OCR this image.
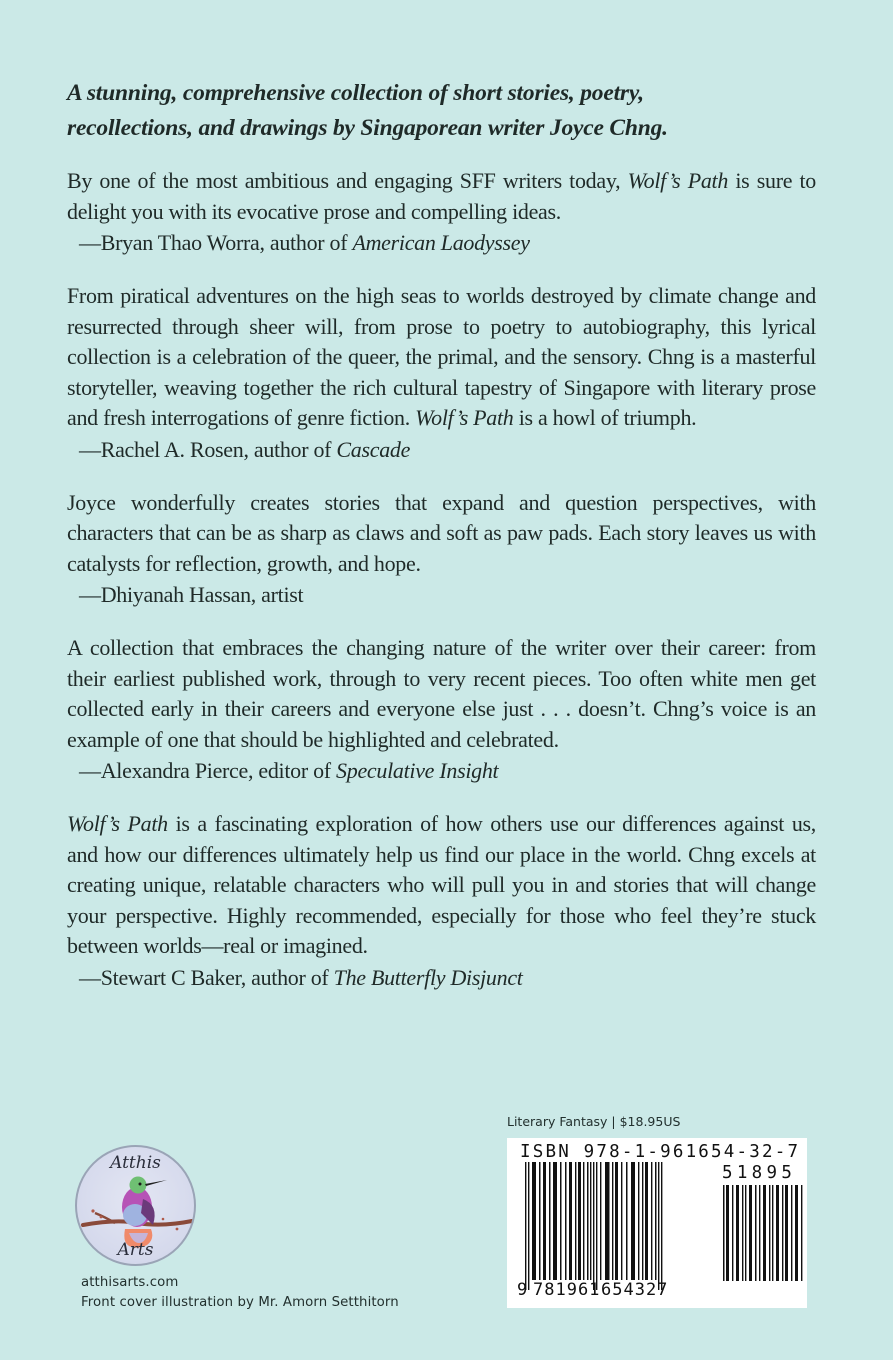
A stunning, comprehensive collection of short stories, poetry,
recollections, and drawings by Singaporean writer Joyce Chng.

By one of the most ambitious and engaging SFF writers today, Wolf’s Path is sure to delight you with its evocative prose and compelling ideas.

—Bryan Thao Worra, author of American Laodyssey

From piratical adventures on the high seas to worlds destroyed by climate change and resurrected through sheer will, from prose to poetry to autobiography, this lyrical collection is a celebration of the queer, the primal, and the sensory. Chng is a masterful storyteller, weaving together the rich cultural tapestry of Singapore with literary prose and fresh interrogations of genre fiction. Wolf’s Path is a howl of triumph.

—Rachel A. Rosen, author of Cascade

Joyce wonderfully creates stories that expand and question perspectives, with characters that can be as sharp as claws and soft as paw pads. Each story leaves us with catalysts for reflection, growth, and hope.

—Dhiyanah Hassan, artist

A collection that embraces the changing nature of the writer over their career: from their earliest published work, through to very recent pieces. Too often white men get collected early in their careers and everyone else just . . . doesn’t. Chng’s voice is an example of one that should be highlighted and celebrated.

—Alexandra Pierce, editor of Speculative Insight

Wolf’s Path is a fascinating exploration of how others use our differences against us, and how our differences ultimately help us find our place in the world. Chng excels at creating unique, relatable characters who will pull you in and stories that will change your perspective. Highly recommended, especially for those who feel they’re stuck between worlds—real or imagined.

—Stewart C Baker, author of The Butterfly Disjunct

Atthis
Arts
atthisarts.com
Front cover illustration by Mr. Amorn Setthitorn
Literary Fantasy | $18.95US
ISBN 978-1-961654-32-7
51895
9 781961 654327
